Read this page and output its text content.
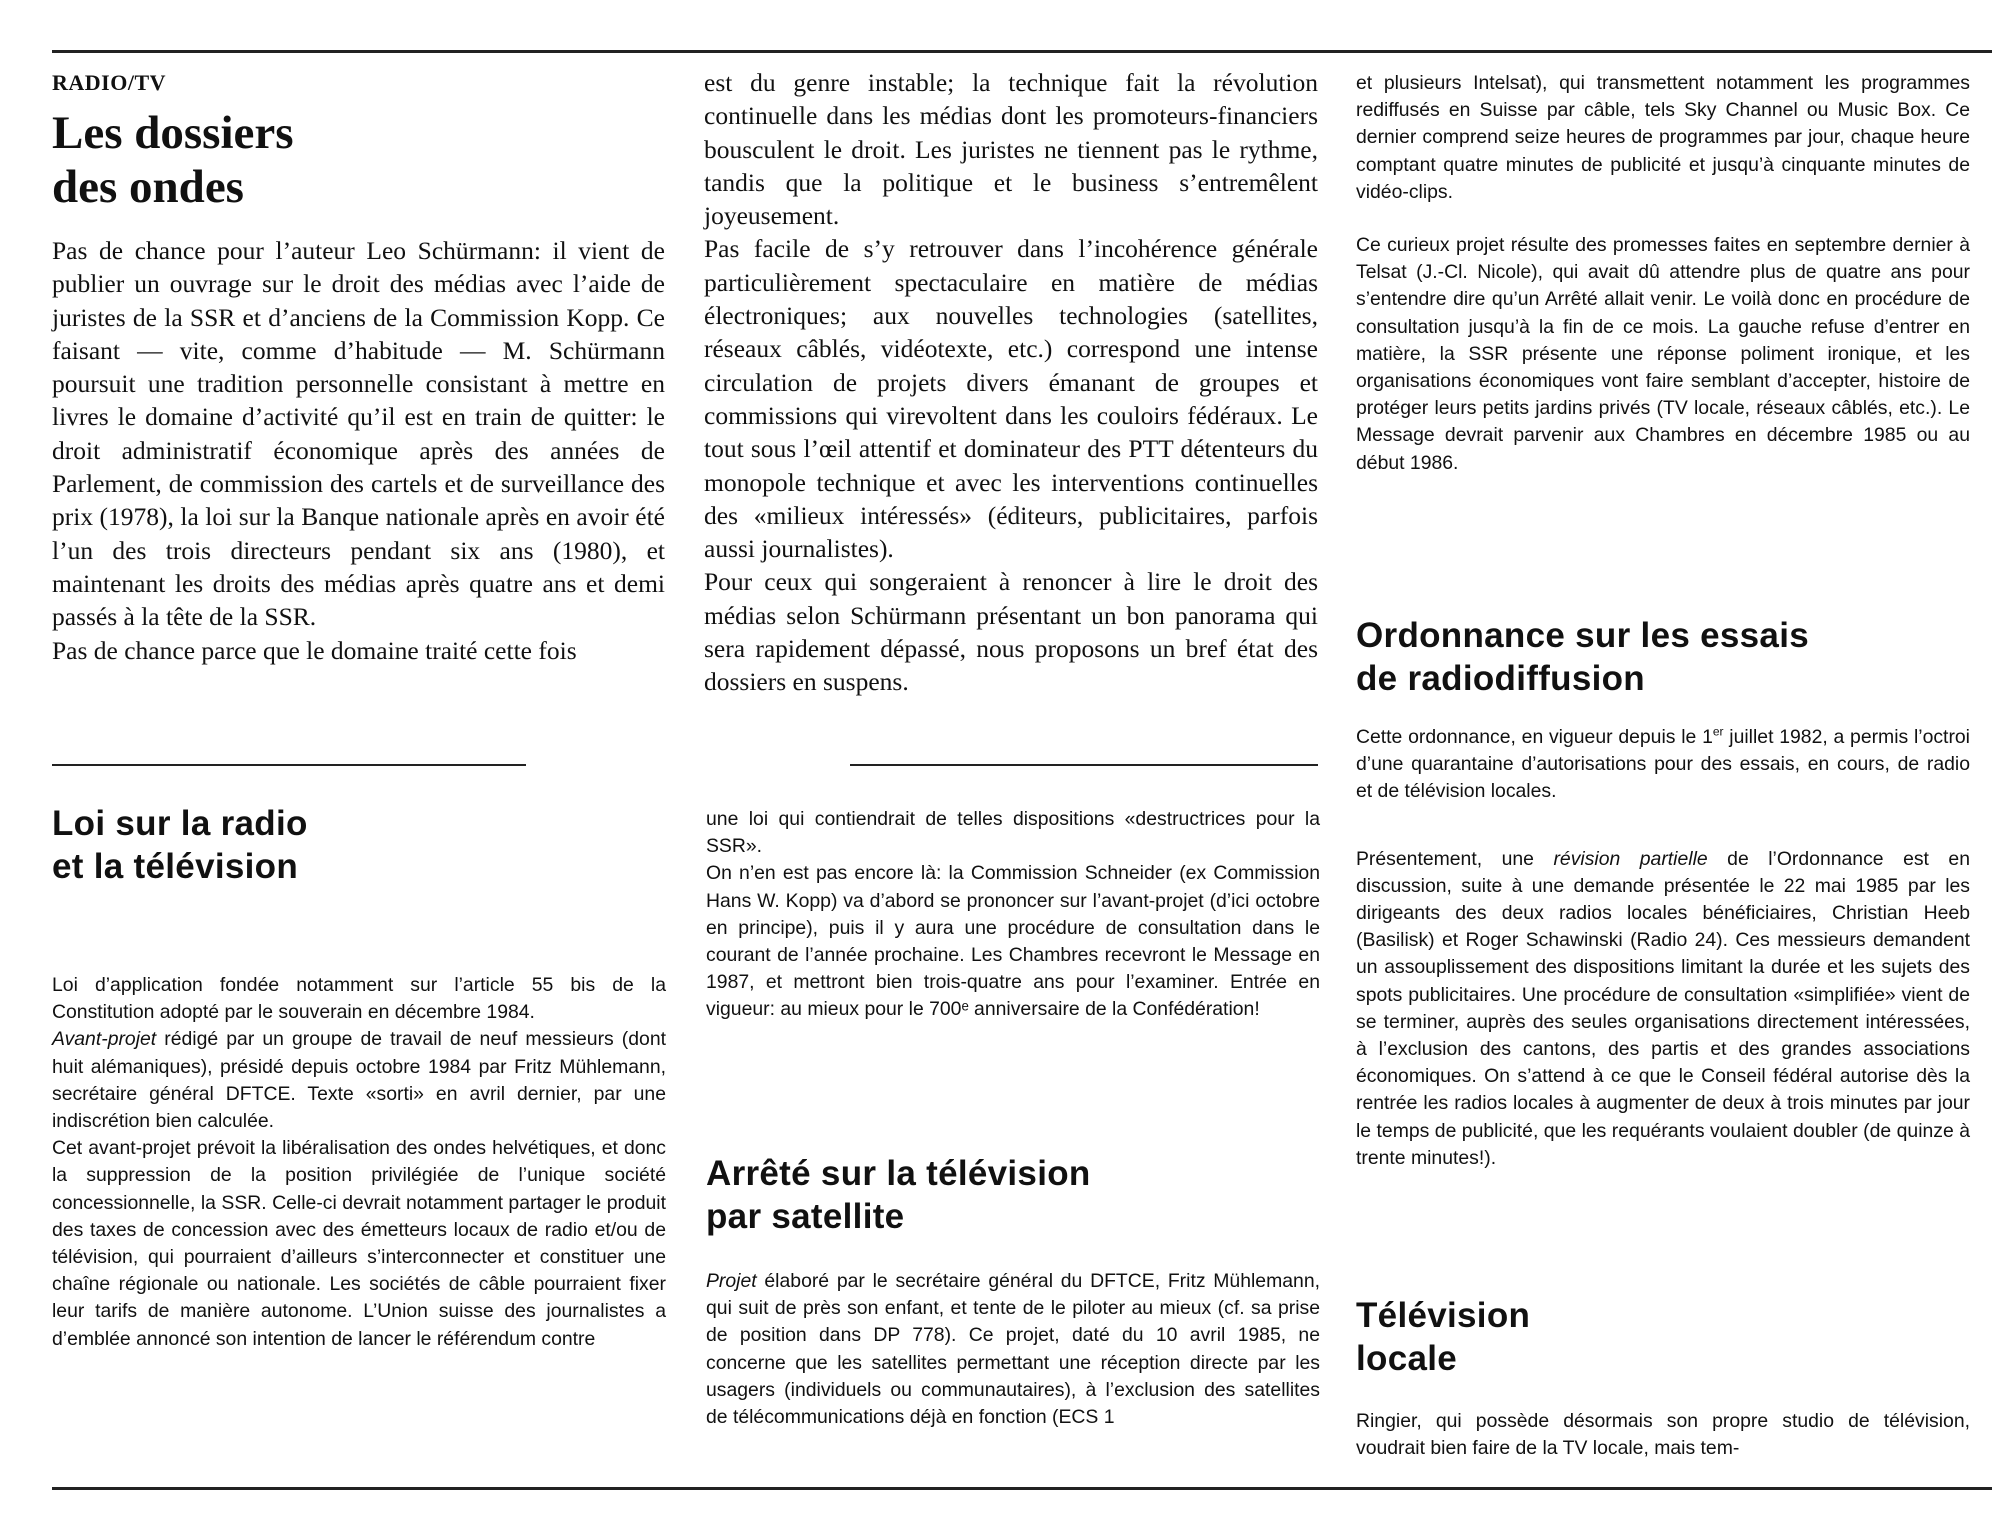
RADIO/TV
Les dossiers
des ondes

Pas de chance pour l’auteur Leo Schürmann: il vient de publier un ouvrage sur le droit des médias avec l’aide de juristes de la SSR et d’anciens de la Commission Kopp. Ce faisant — vite, comme d’habitude — M. Schürmann poursuit une tradition personnelle consistant à mettre en livres le domaine d’activité qu’il est en train de quitter: le droit administratif économique après des années de Parlement, de commission des cartels et de surveillance des prix (1978), la loi sur la Banque nationale après en avoir été l’un des trois directeurs pendant six ans (1980), et maintenant les droits des médias après quatre ans et demi passés à la tête de la SSR.

Pas de chance parce que le domaine traité cette fois

est du genre instable; la technique fait la révolution continuelle dans les médias dont les promoteurs-financiers bousculent le droit. Les juristes ne tiennent pas le rythme, tandis que la politique et le business s’entremêlent joyeusement.

Pas facile de s’y retrouver dans l’incohérence générale particulièrement spectaculaire en matière de médias électroniques; aux nouvelles technologies (satellites, réseaux câblés, vidéotexte, etc.) correspond une intense circulation de projets divers émanant de groupes et commissions qui virevoltent dans les couloirs fédéraux. Le tout sous l’œil attentif et dominateur des PTT détenteurs du monopole technique et avec les interventions continuelles des «milieux intéressés» (éditeurs, publicitaires, parfois aussi journalistes).

Pour ceux qui songeraient à renoncer à lire le droit des médias selon Schürmann présentant un bon panorama qui sera rapidement dépassé, nous proposons un bref état des dossiers en suspens.

et plusieurs Intelsat), qui transmettent notamment les programmes rediffusés en Suisse par câble, tels Sky Channel ou Music Box. Ce dernier comprend seize heures de programmes par jour, chaque heure comptant quatre minutes de publicité et jusqu’à cinquante minutes de vidéo-clips.

Ce curieux projet résulte des promesses faites en septembre dernier à Telsat (J.-Cl. Nicole), qui avait dû attendre plus de quatre ans pour s’entendre dire qu’un Arrêté allait venir. Le voilà donc en procédure de consultation jusqu’à la fin de ce mois. La gauche refuse d’entrer en matière, la SSR présente une réponse poliment ironique, et les organisations économiques vont faire semblant d’accepter, histoire de protéger leurs petits jardins privés (TV locale, réseaux câblés, etc.). Le Message devrait parvenir aux Chambres en décembre 1985 ou au début 1986.

Loi sur la radio
et la télévision

Loi d’application fondée notamment sur l’article 55 bis de la Constitution adopté par le souverain en décembre 1984.

Avant-projet rédigé par un groupe de travail de neuf messieurs (dont huit alémaniques), présidé depuis octobre 1984 par Fritz Mühlemann, secrétaire général DFTCE. Texte «sorti» en avril dernier, par une indiscrétion bien calculée.

Cet avant-projet prévoit la libéralisation des ondes helvétiques, et donc la suppression de la position privilégiée de l’unique société concessionnelle, la SSR. Celle-ci devrait notamment partager le produit des taxes de concession avec des émetteurs locaux de radio et/ou de télévision, qui pourraient d’ailleurs s’interconnecter et constituer une chaîne régionale ou nationale. Les sociétés de câble pourraient fixer leur tarifs de manière autonome. L’Union suisse des journalistes a d’emblée annoncé son intention de lancer le référendum contre

une loi qui contiendrait de telles dispositions «destructrices pour la SSR».

On n’en est pas encore là: la Commission Schneider (ex Commission Hans W. Kopp) va d’abord se prononcer sur l’avant-projet (d’ici octobre en principe), puis il y aura une procédure de consultation dans le courant de l’année prochaine. Les Chambres recevront le Message en 1987, et mettront bien trois-quatre ans pour l’examiner. Entrée en vigueur: au mieux pour le 700ᵉ anniversaire de la Confédération!

Arrêté sur la télévision
par satellite

Projet élaboré par le secrétaire général du DFTCE, Fritz Mühlemann, qui suit de près son enfant, et tente de le piloter au mieux (cf. sa prise de position dans DP 778). Ce projet, daté du 10 avril 1985, ne concerne que les satellites permettant une réception directe par les usagers (individuels ou communautaires), à l’exclusion des satellites de télécommunications déjà en fonction (ECS 1

Ordonnance sur les essais
de radiodiffusion

Cette ordonnance, en vigueur depuis le 1er juillet 1982, a permis l’octroi d’une quarantaine d’autorisations pour des essais, en cours, de radio et de télévision locales.

Présentement, une révision partielle de l’Ordonnance est en discussion, suite à une demande présentée le 22 mai 1985 par les dirigeants des deux radios locales bénéficiaires, Christian Heeb (Basilisk) et Roger Schawinski (Radio 24). Ces messieurs demandent un assouplissement des dispositions limitant la durée et les sujets des spots publicitaires. Une procédure de consultation «simplifiée» vient de se terminer, auprès des seules organisations directement intéressées, à l’exclusion des cantons, des partis et des grandes associations économiques. On s’attend à ce que le Conseil fédéral autorise dès la rentrée les radios locales à augmenter de deux à trois minutes par jour le temps de publicité, que les requérants voulaient doubler (de quinze à trente minutes!).

Télévision
locale

Ringier, qui possède désormais son propre studio de télévision, voudrait bien faire de la TV locale, mais tem-
